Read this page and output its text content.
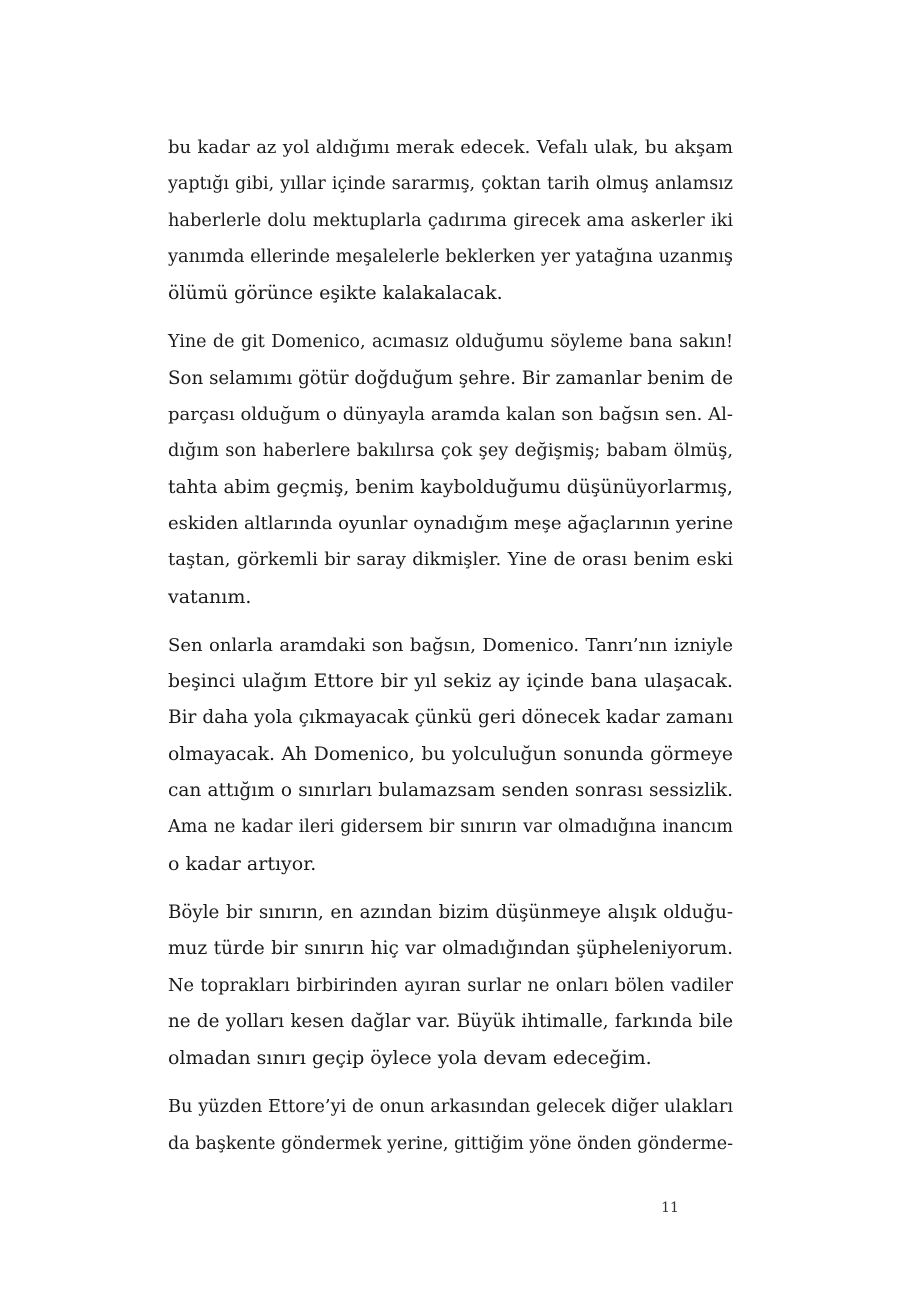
bu kadar az yol aldığımı merak edecek. Vefalı ulak, bu akşam
yaptığı gibi, yıllar içinde sararmış, çoktan tarih olmuş anlamsız
haberlerle dolu mektuplarla çadırıma girecek ama askerler iki
yanımda ellerinde meşalelerle beklerken yer yatağına uzanmış
ölümü görünce eşikte kalakalacak.
Yine de git Domenico, acımasız olduğumu söyleme bana sakın!
Son selamımı götür doğduğum şehre. Bir zamanlar benim de
parçası olduğum o dünyayla aramda kalan son bağsın sen. Al-
dığım son haberlere bakılırsa çok şey değişmiş; babam ölmüş,
tahta abim geçmiş, benim kaybolduğumu düşünüyorlarmış,
eskiden altlarında oyunlar oynadığım meşe ağaçlarının yerine
taştan, görkemli bir saray dikmişler. Yine de orası benim eski
vatanım.
Sen onlarla aramdaki son bağsın, Domenico. Tanrı’nın izniyle
beşinci ulağım Ettore bir yıl sekiz ay içinde bana ulaşacak.
Bir daha yola çıkmayacak çünkü geri dönecek kadar zamanı
olmayacak. Ah Domenico, bu yolculuğun sonunda görmeye
can attığım o sınırları bulamazsam senden sonrası sessizlik.
Ama ne kadar ileri gidersem bir sınırın var olmadığına inancım
o kadar artıyor.
Böyle bir sınırın, en azından bizim düşünmeye alışık olduğu-
muz türde bir sınırın hiç var olmadığından şüpheleniyorum.
Ne toprakları birbirinden ayıran surlar ne onları bölen vadiler
ne de yolları kesen dağlar var. Büyük ihtimalle, farkında bile
olmadan sınırı geçip öylece yola devam edeceğim.
Bu yüzden Ettore’yi de onun arkasından gelecek diğer ulakları
da başkente göndermek yerine, gittiğim yöne önden gönderme-
11
